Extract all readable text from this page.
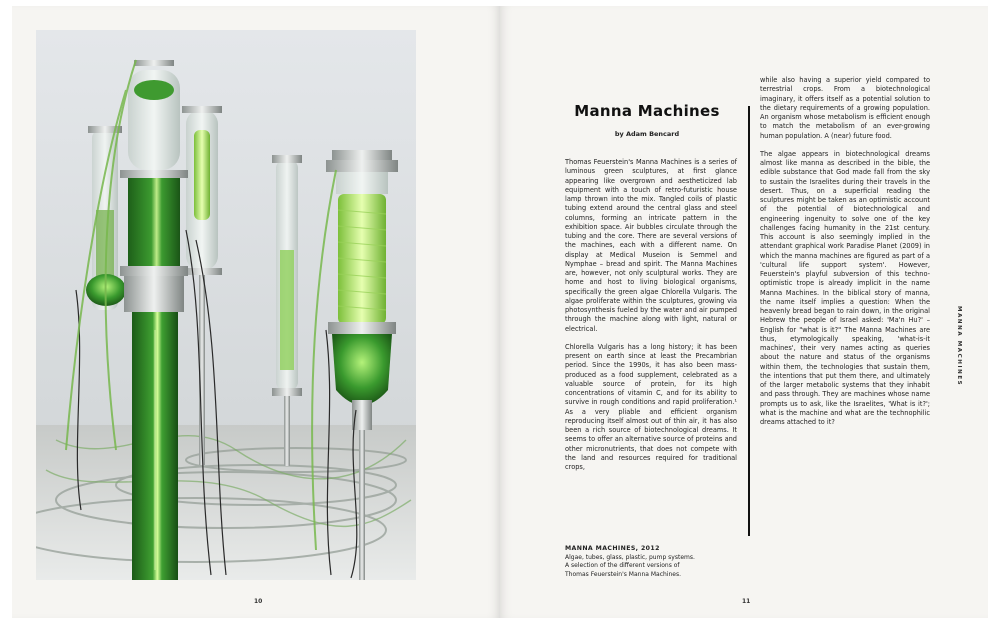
10
Manna Machines
by Adam Bencard

Thomas Feuerstein's Manna Machines is a series of luminous green sculptures, at first glance appearing like overgrown and aestheticized lab equipment with a touch of retro-futuristic house lamp thrown into the mix. Tangled coils of plastic tubing extend around the central glass and steel columns, forming an intricate pattern in the exhibition space. Air bubbles circulate through the tubing and the core. There are several versions of the machines, each with a different name. On display at Medical Museion is Semmel and Nymphae – bread and spirit. The Manna Machines are, however, not only sculptural works. They are home and host to living biological organisms, specifically the green algae Chlorella Vulgaris. The algae proliferate within the sculptures, growing via photosynthesis fueled by the water and air pumped through the machine along with light, natural or electrical.

Chlorella Vulgaris has a long history; it has been present on earth since at least the Precambrian period. Since the 1990s, it has also been mass-produced as a food supplement, celebrated as a valuable source of protein, for its high concentrations of vitamin C, and for its ability to survive in rough conditions and rapid proliferation.¹ As a very pliable and efficient organism reproducing itself almost out of thin air, it has also been a rich source of biotechnological dreams. It seems to offer an alternative source of proteins and other micronutrients, that does not compete with the land and resources required for traditional crops,

while also having a superior yield compared to terrestrial crops. From a biotechnological imaginary, it offers itself as a potential solution to the dietary requirements of a growing population. An organism whose metabolism is efficient enough to match the metabolism of an ever-growing human population. A (near) future food.

The algae appears in biotechnological dreams almost like manna as described in the bible, the edible substance that God made fall from the sky to sustain the Israelites during their travels in the desert. Thus, on a superficial reading the sculptures might be taken as an optimistic account of the potential of biotechnological and engineering ingenuity to solve one of the key challenges facing humanity in the 21st century. This account is also seemingly implied in the attendant graphical work Paradise Planet (2009) in which the manna machines are figured as part of a 'cultural life support system'. However, Feuerstein's playful subversion of this techno-optimistic trope is already implicit in the name Manna Machines. In the biblical story of manna, the name itself implies a question: When the heavenly bread began to rain down, in the original Hebrew the people of Israel asked: 'Ma'n Hu?' – English for "what is it?" The Manna Machines are thus, etymologically speaking, 'what-is-it machines', their very names acting as queries about the nature and status of the organisms within them, the technologies that sustain them, the intentions that put them there, and ultimately of the larger metabolic systems that they inhabit and pass through. They are machines whose name prompts us to ask, like the Israelites, 'What is it?'; what is the machine and what are the technophilic dreams attached to it?

MANNA MACHINES, 2012
Algae, tubes, glass, plastic, pump systems.
A selection of the different versions of
Thomas Feuerstein's Manna Machines.
MANNA MACHINES
11
